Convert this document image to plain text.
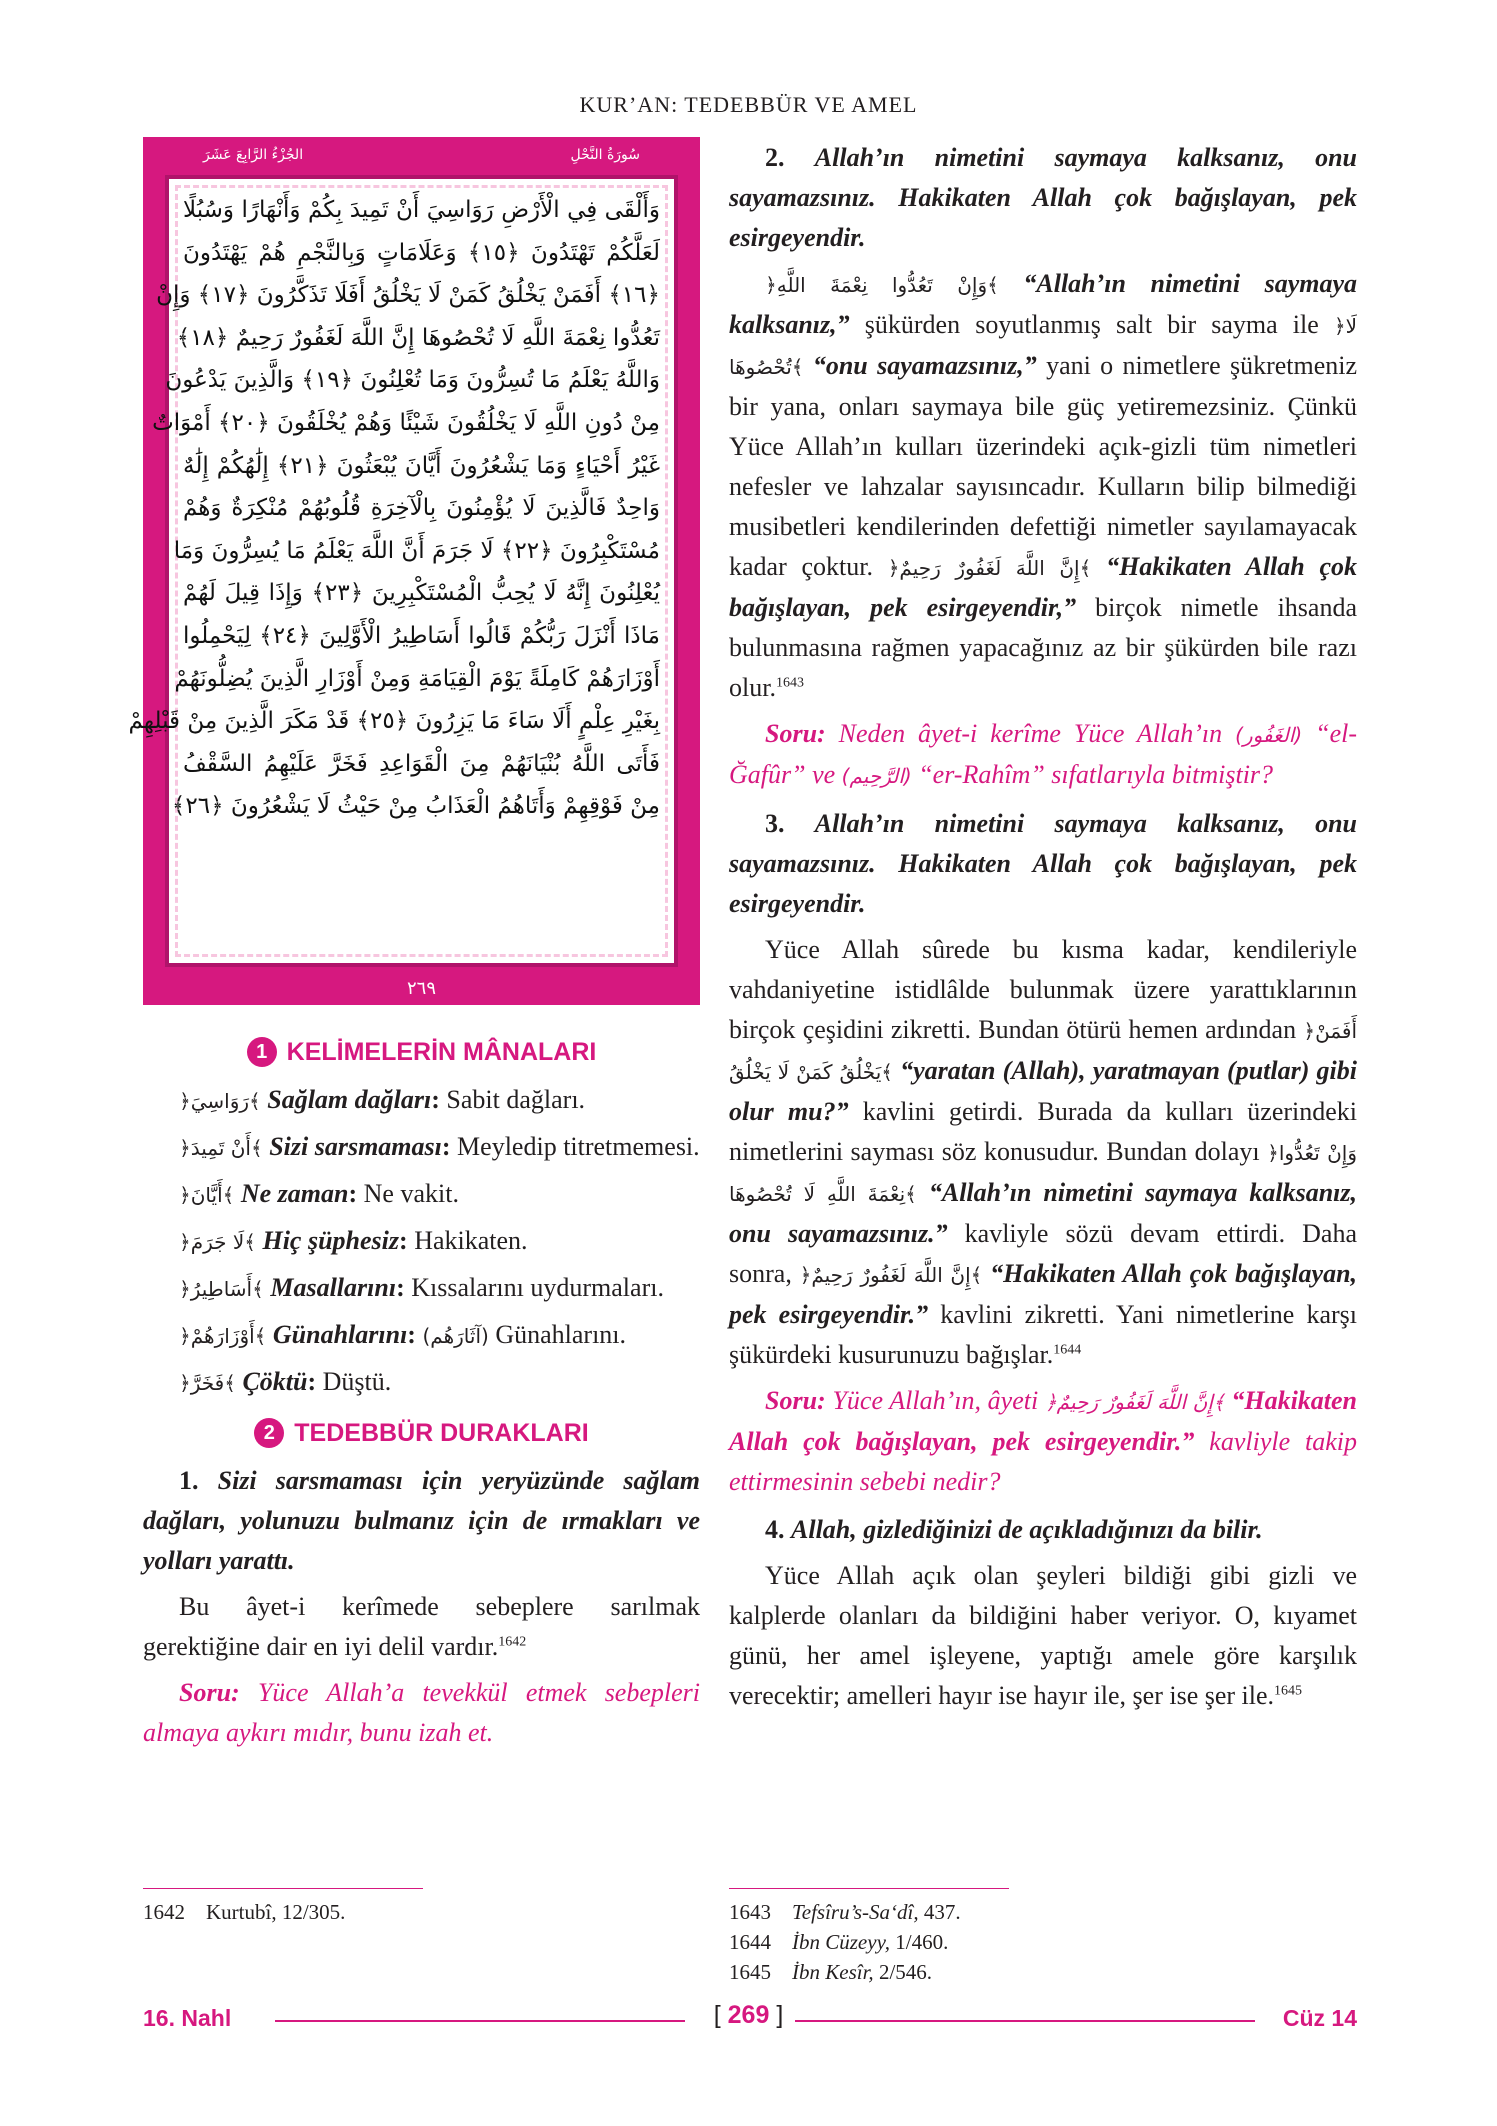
KUR’AN: TEDEBBÜR VE AMEL
سُورَةُ النَّحْلِ
الجُزْءُ الرَّابِعَ عَشَرَ
وَأَلْقَى فِي الْأَرْضِ رَوَاسِيَ أَنْ تَمِيدَ بِكُمْ وَأَنْهَارًا وَسُبُلًا
لَعَلَّكُمْ تَهْتَدُونَ ﴿١٥﴾ وَعَلَامَاتٍ وَبِالنَّجْمِ هُمْ يَهْتَدُونَ
﴿١٦﴾ أَفَمَنْ يَخْلُقُ كَمَنْ لَا يَخْلُقُ أَفَلَا تَذَكَّرُونَ ﴿١٧﴾ وَإِنْ
تَعُدُّوا نِعْمَةَ اللَّهِ لَا تُحْصُوهَا إِنَّ اللَّهَ لَغَفُورٌ رَحِيمٌ ﴿١٨﴾
وَاللَّهُ يَعْلَمُ مَا تُسِرُّونَ وَمَا تُعْلِنُونَ ﴿١٩﴾ وَالَّذِينَ يَدْعُونَ
مِنْ دُونِ اللَّهِ لَا يَخْلُقُونَ شَيْئًا وَهُمْ يُخْلَقُونَ ﴿٢٠﴾ أَمْوَاتٌ
غَيْرُ أَحْيَاءٍ وَمَا يَشْعُرُونَ أَيَّانَ يُبْعَثُونَ ﴿٢١﴾ إِلَٰهُكُمْ إِلَٰهٌ
وَاحِدٌ فَالَّذِينَ لَا يُؤْمِنُونَ بِالْآخِرَةِ قُلُوبُهُمْ مُنْكِرَةٌ وَهُمْ
مُسْتَكْبِرُونَ ﴿٢٢﴾ لَا جَرَمَ أَنَّ اللَّهَ يَعْلَمُ مَا يُسِرُّونَ وَمَا
يُعْلِنُونَ إِنَّهُ لَا يُحِبُّ الْمُسْتَكْبِرِينَ ﴿٢٣﴾ وَإِذَا قِيلَ لَهُمْ
مَاذَا أَنْزَلَ رَبُّكُمْ قَالُوا أَسَاطِيرُ الْأَوَّلِينَ ﴿٢٤﴾ لِيَحْمِلُوا
أَوْزَارَهُمْ كَامِلَةً يَوْمَ الْقِيَامَةِ وَمِنْ أَوْزَارِ الَّذِينَ يُضِلُّونَهُمْ
بِغَيْرِ عِلْمٍ أَلَا سَاءَ مَا يَزِرُونَ ﴿٢٥﴾ قَدْ مَكَرَ الَّذِينَ مِنْ قَبْلِهِمْ
فَأَتَى اللَّهُ بُنْيَانَهُمْ مِنَ الْقَوَاعِدِ فَخَرَّ عَلَيْهِمُ السَّقْفُ
مِنْ فَوْقِهِمْ وَأَتَاهُمُ الْعَذَابُ مِنْ حَيْثُ لَا يَشْعُرُونَ ﴿٢٦﴾
٢٦٩
1 KELİMELERİN MÂNALARI

﴿رَوَاسِيَ﴾ Sağlam dağları: Sabit dağları.

﴿أَنْ تَمِيدَ﴾ Sizi sarsmaması: Meyledip titretmemesi.

﴿أَيَّانَ﴾ Ne zaman: Ne vakit.

﴿لَا جَرَمَ﴾ Hiç şüphesiz: Hakikaten.

﴿أَسَاطِيرُ﴾ Masallarını: Kıssalarını uydurmaları.

﴿أَوْزَارَهُمْ﴾ Günahlarını: (آثَارَهُم) Günahlarını.

﴿فَخَرَّ﴾ Çöktü: Düştü.

2 TEDEBBÜR DURAKLARI

1. Sizi sarsmaması için yeryüzünde sağlam dağları, yolunuzu bulmanız için de ırmakları ve yolları yarattı.

Bu âyet-i kerîmede sebeplere sarılmak gerektiğine dair en iyi delil vardır.$^{1642}$

Soru: Yüce Allah’a tevekkül etmek sebepleri almaya aykırı mıdır, bunu izah et.

1642 Kurtubî, 12/305.

2. Allah’ın nimetini saymaya kalksanız, onu sayamazsınız. Hakikaten Allah çok bağışlayan, pek esirgeyendir.

﴿وَإِنْ تَعُدُّوا نِعْمَةَ اللَّهِ﴾ “Allah’ın nimetini saymaya kalksanız,” şükürden soyutlanmış salt bir sayma ile ﴿لَا تُحْصُوهَا﴾ “onu sayamazsınız,” yani o nimetlere şükretmeniz bir yana, onları saymaya bile güç yetiremezsiniz. Çünkü Yüce Allah’ın kulları üzerindeki açık-gizli tüm nimetleri nefesler ve lahzalar sayısıncadır. Kulların bilip bilmediği musibetleri kendilerinden defettiği nimetler sayılamayacak kadar çoktur. ﴿إِنَّ اللَّهَ لَغَفُورٌ رَحِيمٌ﴾ “Hakikaten Allah çok bağışlayan, pek esirgeyendir,” birçok nimetle ihsanda bulunmasına rağmen yapacağınız az bir şükürden bile razı olur.$^{1643}$

Soru: Neden âyet-i kerîme Yüce Allah’ın (الغَفُور) “el-Ğafûr” ve (الرَّحِيم) “er-Rahîm” sıfatlarıyla bitmiştir?

3. Allah’ın nimetini saymaya kalksanız, onu sayamazsınız. Hakikaten Allah çok bağışlayan, pek esirgeyendir.

Yüce Allah sûrede bu kısma kadar, kendileriyle vahdaniyetine istidlâlde bulunmak üzere yarattıklarının birçok çeşidini zikretti. Bundan ötürü hemen ardından ﴿أَفَمَنْ يَخْلُقُ كَمَنْ لَا يَخْلُقُ﴾ “yaratan (Allah), yaratmayan (putlar) gibi olur mu?” kavlini getirdi. Burada da kulları üzerindeki nimetlerini sayması söz konusudur. Bundan dolayı ﴿وَإِنْ تَعُدُّوا نِعْمَةَ اللَّهِ لَا تُحْصُوهَا﴾ “Allah’ın nimetini saymaya kalksanız, onu sayamazsınız.” kavliyle sözü devam ettirdi. Daha sonra, ﴿إِنَّ اللَّهَ لَغَفُورٌ رَحِيمٌ﴾ “Hakikaten Allah çok bağışlayan, pek esirgeyendir.” kavlini zikretti. Yani nimetlerine karşı şükürdeki kusurunuzu bağışlar.$^{1644}$

Soru: Yüce Allah’ın, âyeti ﴿إِنَّ اللَّهَ لَغَفُورٌ رَحِيمٌ﴾ “Hakikaten Allah çok bağışlayan, pek esirgeyendir.” kavliyle takip ettirmesinin sebebi nedir?

4. Allah, gizlediğinizi de açıkladığınızı da bilir.

Yüce Allah açık olan şeyleri bildiği gibi gizli ve kalplerde olanları da bildiğini haber veriyor. O, kıyamet günü, her amel işleyene, yaptığı amele göre karşılık verecektir; amelleri hayır ise hayır ile, şer ise şer ile.$^{1645}$

1643 Tefsîru’s-Sa‘dî, 437.
1644 İbn Cüzeyy, 1/460.
1645 İbn Kesîr, 2/546.
16. Nahl	[ 269 ]	Cüz 14
